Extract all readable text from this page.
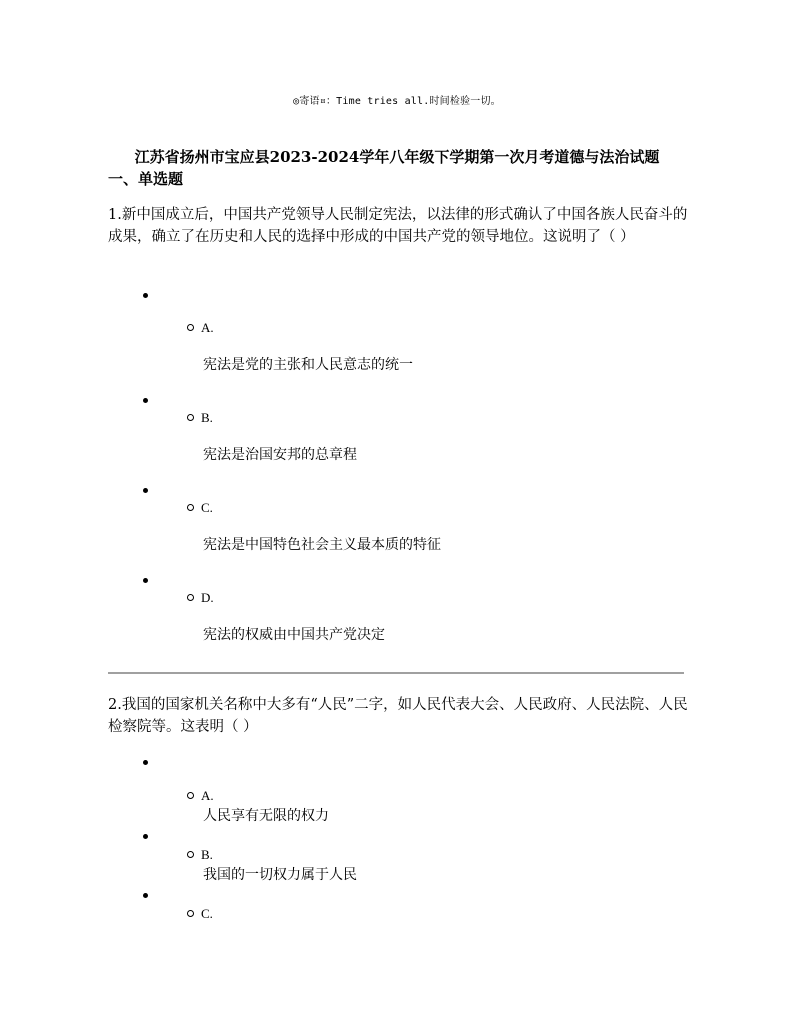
◎寄语¤：Time tries all.时间检验一切。
江苏省扬州市宝应县2023-2024学年八年级下学期第一次月考道德与法治试题
一、单选题
1.新中国成立后，中国共产党领导人民制定宪法，以法律的形式确认了中国各族人民奋斗的成果，确立了在历史和人民的选择中形成的中国共产党的领导地位。这说明了（ ）
A.
宪法是党的主张和人民意志的统一
B.
宪法是治国安邦的总章程
C.
宪法是中国特色社会主义最本质的特征
D.
宪法的权威由中国共产党决定
2.我国的国家机关名称中大多有“人民”二字，如人民代表大会、人民政府、人民法院、人民检察院等。这表明（ ）
A.
人民享有无限的权力
B.
我国的一切权力属于人民
C.
